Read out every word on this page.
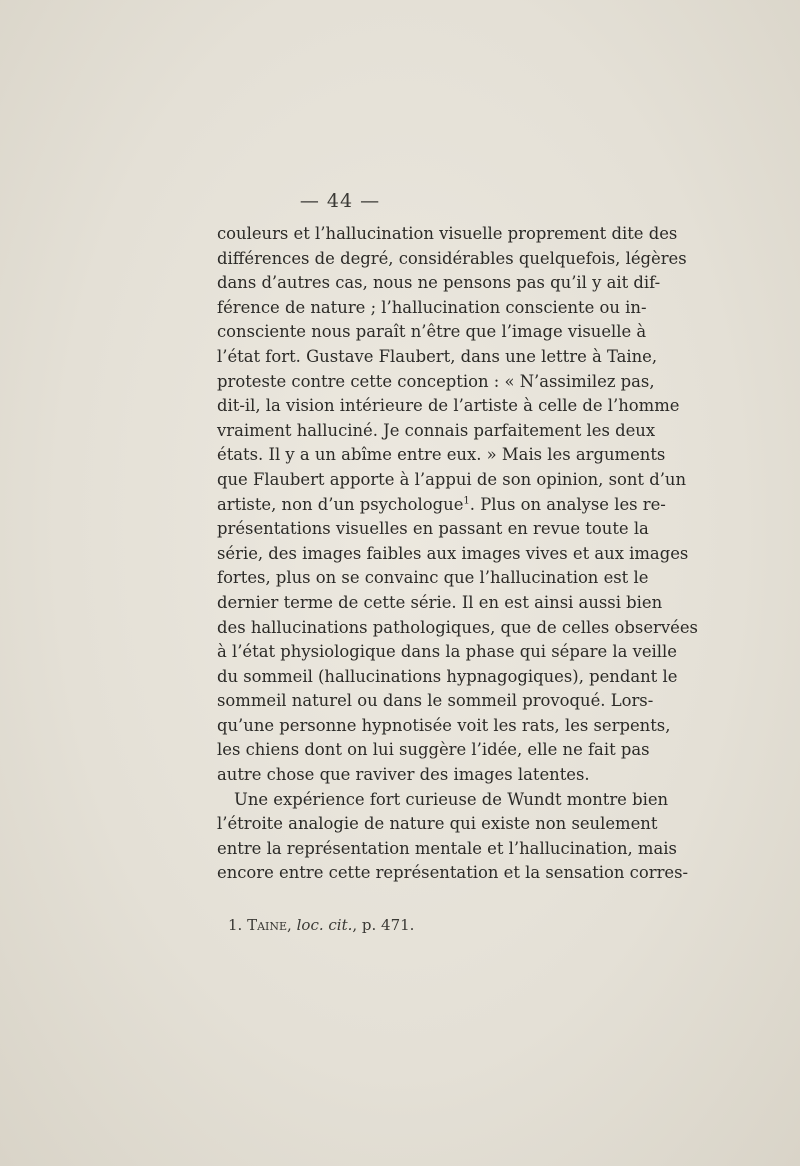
— 44 —
couleurs et l’hallucination visuelle proprement dite des
différences de degré, considérables quelquefois, légères
dans d’autres cas, nous ne pensons pas qu’il y ait dif-
férence de nature ; l’hallucination consciente ou in-
consciente nous paraît n’être que l’image visuelle à
l’état fort. Gustave Flaubert, dans une lettre à Taine,
proteste contre cette conception : « N’assimilez pas,
dit-il, la vision intérieure de l’artiste à celle de l’homme
vraiment halluciné. Je connais parfaitement les deux
états. Il y a un abîme entre eux. » Mais les arguments
que Flaubert apporte à l’appui de son opinion, sont d’un
artiste, non d’un psychologue$^1$. Plus on analyse les re-
présentations visuelles en passant en revue toute la
série, des images faibles aux images vives et aux images
fortes, plus on se convainc que l’hallucination est le
dernier terme de cette série. Il en est ainsi aussi bien
des hallucinations pathologiques, que de celles observées
à l’état physiologique dans la phase qui sépare la veille
du sommeil (hallucinations hypnagogiques), pendant le
sommeil naturel ou dans le sommeil provoqué. Lors-
qu’une personne hypnotisée voit les rats, les serpents,
les chiens dont on lui suggère l’idée, elle ne fait pas
autre chose que raviver des images latentes.
Une expérience fort curieuse de Wundt montre bien
l’étroite analogie de nature qui existe non seulement
entre la représentation mentale et l’hallucination, mais
encore entre cette représentation et la sensation corres-
1. Taine, loc. cit., p. 471.
